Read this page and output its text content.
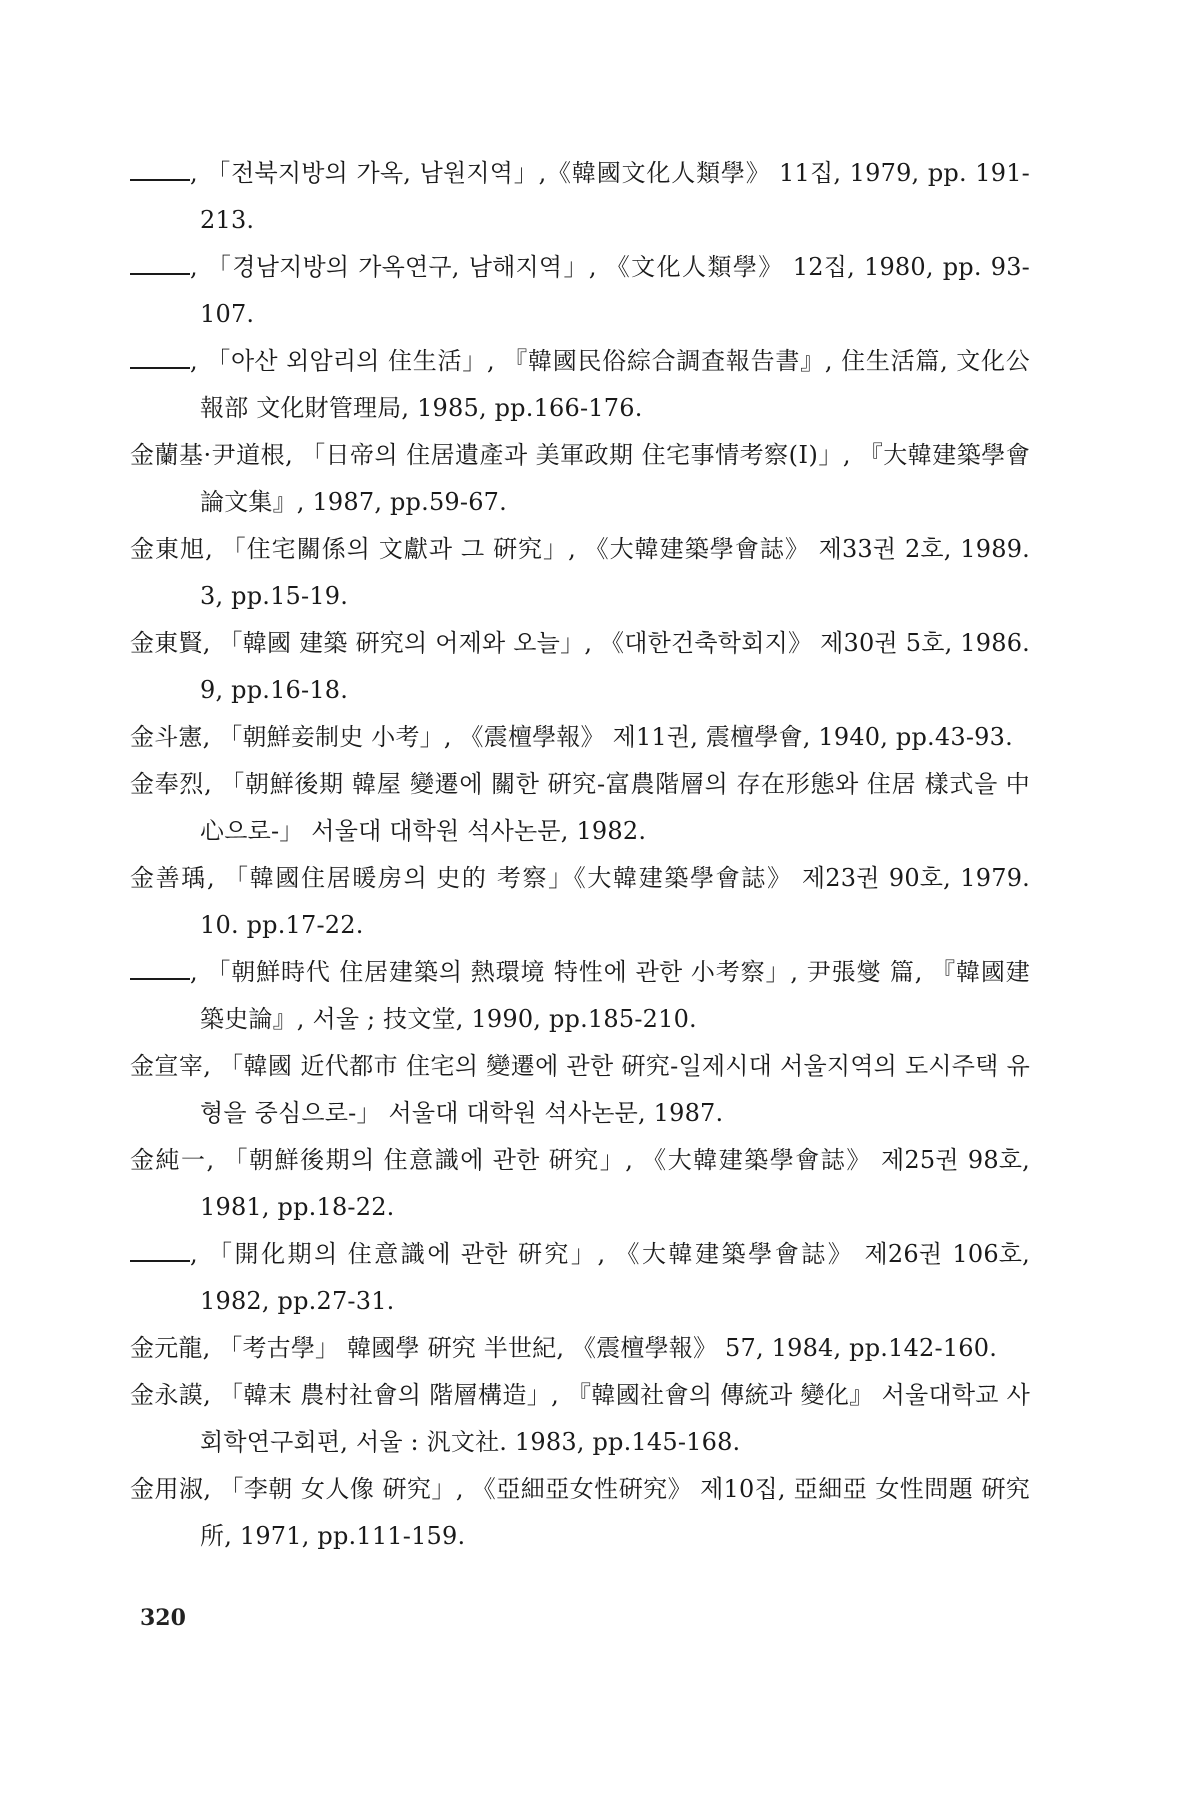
, 「전북지방의 가옥, 남원지역」,《韓國文化人類學》 11집, 1979, pp. 191-213.
, 「경남지방의 가옥연구, 남해지역」, 《文化人類學》 12집, 1980, pp. 93-107.
, 「아산 외암리의 住生活」, 『韓國民俗綜合調査報告書』, 住生活篇, 文化公報部 文化財管理局, 1985, pp.166-176.
金蘭基·尹道根, 「日帝의 住居遺產과 美軍政期 住宅事情考察(Ⅰ)」, 『大韓建築學會論文集』, 1987, pp.59-67.
金東旭, 「住宅關係의 文獻과 그 硏究」, 《大韓建築學會誌》 제33권 2호, 1989. 3, pp.15-19.
金東賢, 「韓國 建築 硏究의 어제와 오늘」, 《대한건축학회지》 제30권 5호, 1986. 9, pp.16-18.
金斗憲, 「朝鮮妾制史 小考」, 《震檀學報》 제11권, 震檀學會, 1940, pp.43-93.
金奉烈, 「朝鮮後期 韓屋 變遷에 關한 硏究-富農階層의 存在形態와 住居 樣式을 中心으로-」 서울대 대학원 석사논문, 1982.
金善瑀, 「韓國住居暖房의 史的 考察」《大韓建築學會誌》 제23권 90호, 1979. 10. pp.17-22.
, 「朝鮮時代 住居建築의 熱環境 特性에 관한 小考察」, 尹張燮 篇, 『韓國建築史論』, 서울 ; 技文堂, 1990, pp.185-210.
金宣宰, 「韓國 近代都市 住宅의 變遷에 관한 硏究-일제시대 서울지역의 도시주택 유형을 중심으로-」 서울대 대학원 석사논문, 1987.
金純一, 「朝鮮後期의 住意識에 관한 硏究」, 《大韓建築學會誌》 제25권 98호, 1981, pp.18-22.
, 「開化期의 住意識에 관한 硏究」, 《大韓建築學會誌》 제26권 106호, 1982, pp.27-31.
金元龍, 「考古學」 韓國學 硏究 半世紀, 《震檀學報》 57, 1984, pp.142-160.
金永謨, 「韓末 農村社會의 階層構造」, 『韓國社會의 傳統과 變化』 서울대학교 사회학연구회편, 서울 : 汎文社. 1983, pp.145-168.
金用淑, 「李朝 女人像 硏究」, 《亞細亞女性硏究》 제10집, 亞細亞 女性問題 硏究所, 1971, pp.111-159.
320
